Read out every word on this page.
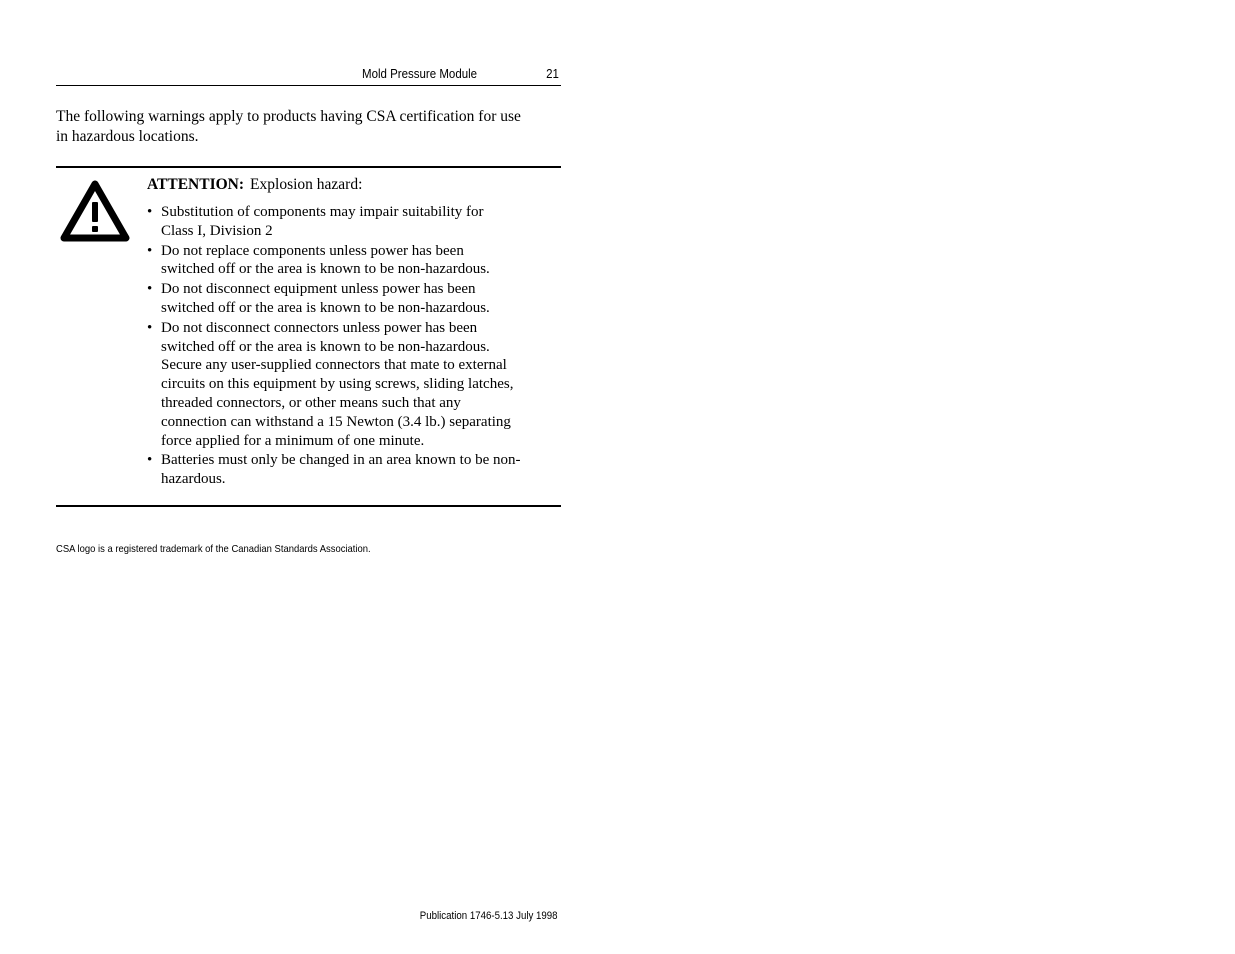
Mold Pressure Module	21
The following warnings apply to products having CSA certification for use
in hazardous locations.
ATTENTION: Explosion hazard:
• Substitution of components may impair suitability for
Class I, Division 2
• Do not replace components unless power has been
switched off or the area is known to be non-hazardous.
• Do not disconnect equipment unless power has been
switched off or the area is known to be non-hazardous.
• Do not disconnect connectors unless power has been
switched off or the area is known to be non-hazardous.
Secure any user-supplied connectors that mate to external
circuits on this equipment by using screws, sliding latches,
threaded connectors, or other means such that any
connection can withstand a 15 Newton (3.4 lb.) separating
force applied for a minimum of one minute.
• Batteries must only be changed in an area known to be non-
hazardous.
CSA logo is a registered trademark of the Canadian Standards Association.
Publication 1746-5.13 July 1998
